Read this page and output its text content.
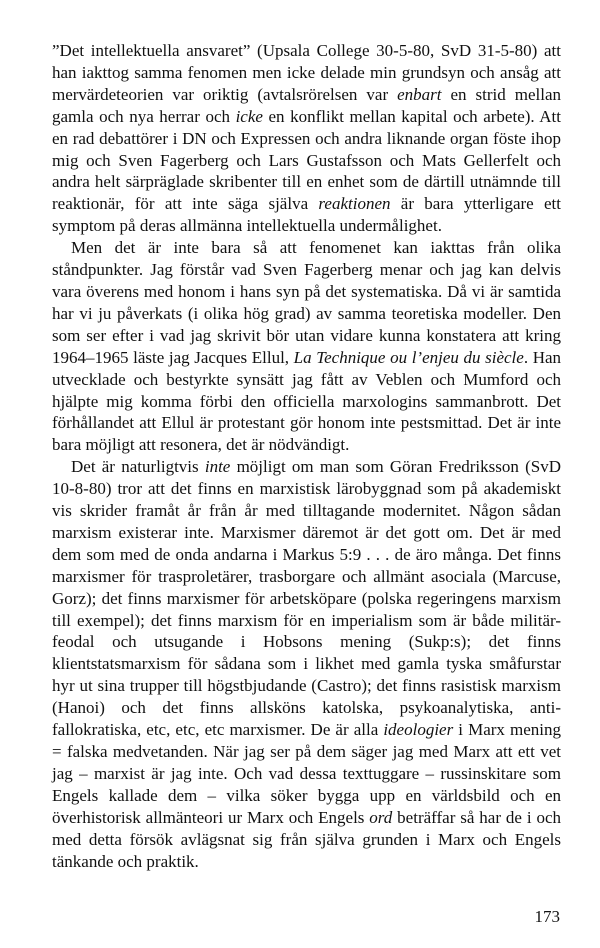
”Det intellektuella ansvaret” (Upsala College 30-5-80, SvD 31-5-80) att han iakttog samma fenomen men icke delade min grundsyn och ansåg att mervärdeteorien var oriktig (avtalsrörelsen var enbart en strid mellan gamla och nya herrar och icke en konflikt mellan kapital och arbete). Att en rad debattörer i DN och Expressen och andra liknande organ föste ihop mig och Sven Fagerberg och Lars Gustafsson och Mats Gellerfelt och andra helt särpräglade skribenter till en enhet som de därtill utnämnde till reaktionär, för att inte säga själva reaktionen är bara ytterligare ett symptom på deras allmänna intellektuella undermålighet.

Men det är inte bara så att fenomenet kan iakttas från olika ståndpunkter. Jag förstår vad Sven Fagerberg menar och jag kan delvis vara överens med honom i hans syn på det systematiska. Då vi är samtida har vi ju påverkats (i olika hög grad) av samma teoretiska modeller. Den som ser efter i vad jag skrivit bör utan vidare kunna konstatera att kring 1964–1965 läste jag Jacques Ellul, La Technique ou l’enjeu du siècle. Han utvecklade och bestyrkte synsätt jag fått av Veblen och Mumford och hjälpte mig komma förbi den officiella marxologins sammanbrott. Det förhållandet att Ellul är protestant gör honom inte pestsmittad. Det är inte bara möjligt att resonera, det är nödvändigt.

Det är naturligtvis inte möjligt om man som Göran Fredriksson (SvD 10-8-80) tror att det finns en marxistisk lärobyggnad som på akademiskt vis skrider framåt år från år med tilltagande modernitet. Någon sådan marxism existerar inte. Marxismer däremot är det gott om. Det är med dem som med de onda andarna i Markus 5:9 . . . de äro många. Det finns marxismer för trasproletärer, trasborgare och allmänt asociala (Marcuse, Gorz); det finns marxismer för arbetsköpare (polska regeringens marxism till exempel); det finns marxism för en imperialism som är både militär-feodal och utsugande i Hobsons mening (Sukp:s); det finns klientstatsmarxism för sådana som i likhet med gamla tyska småfurstar hyr ut sina trupper till högstbjudande (Castro); det finns rasistisk marxism (Hanoi) och det finns allsköns katolska, psykoanalytiska, anti-fallokratiska, etc, etc, etc marxismer. De är alla ideologier i Marx mening = falska medvetanden. När jag ser på dem säger jag med Marx att ett vet jag – marxist är jag inte. Och vad dessa texttuggare – russinskitare som Engels kallade dem – vilka söker bygga upp en världsbild och en överhistorisk allmänteori ur Marx och Engels ord beträffar så har de i och med detta försök avlägsnat sig från själva grunden i Marx och Engels tänkande och praktik.

173
